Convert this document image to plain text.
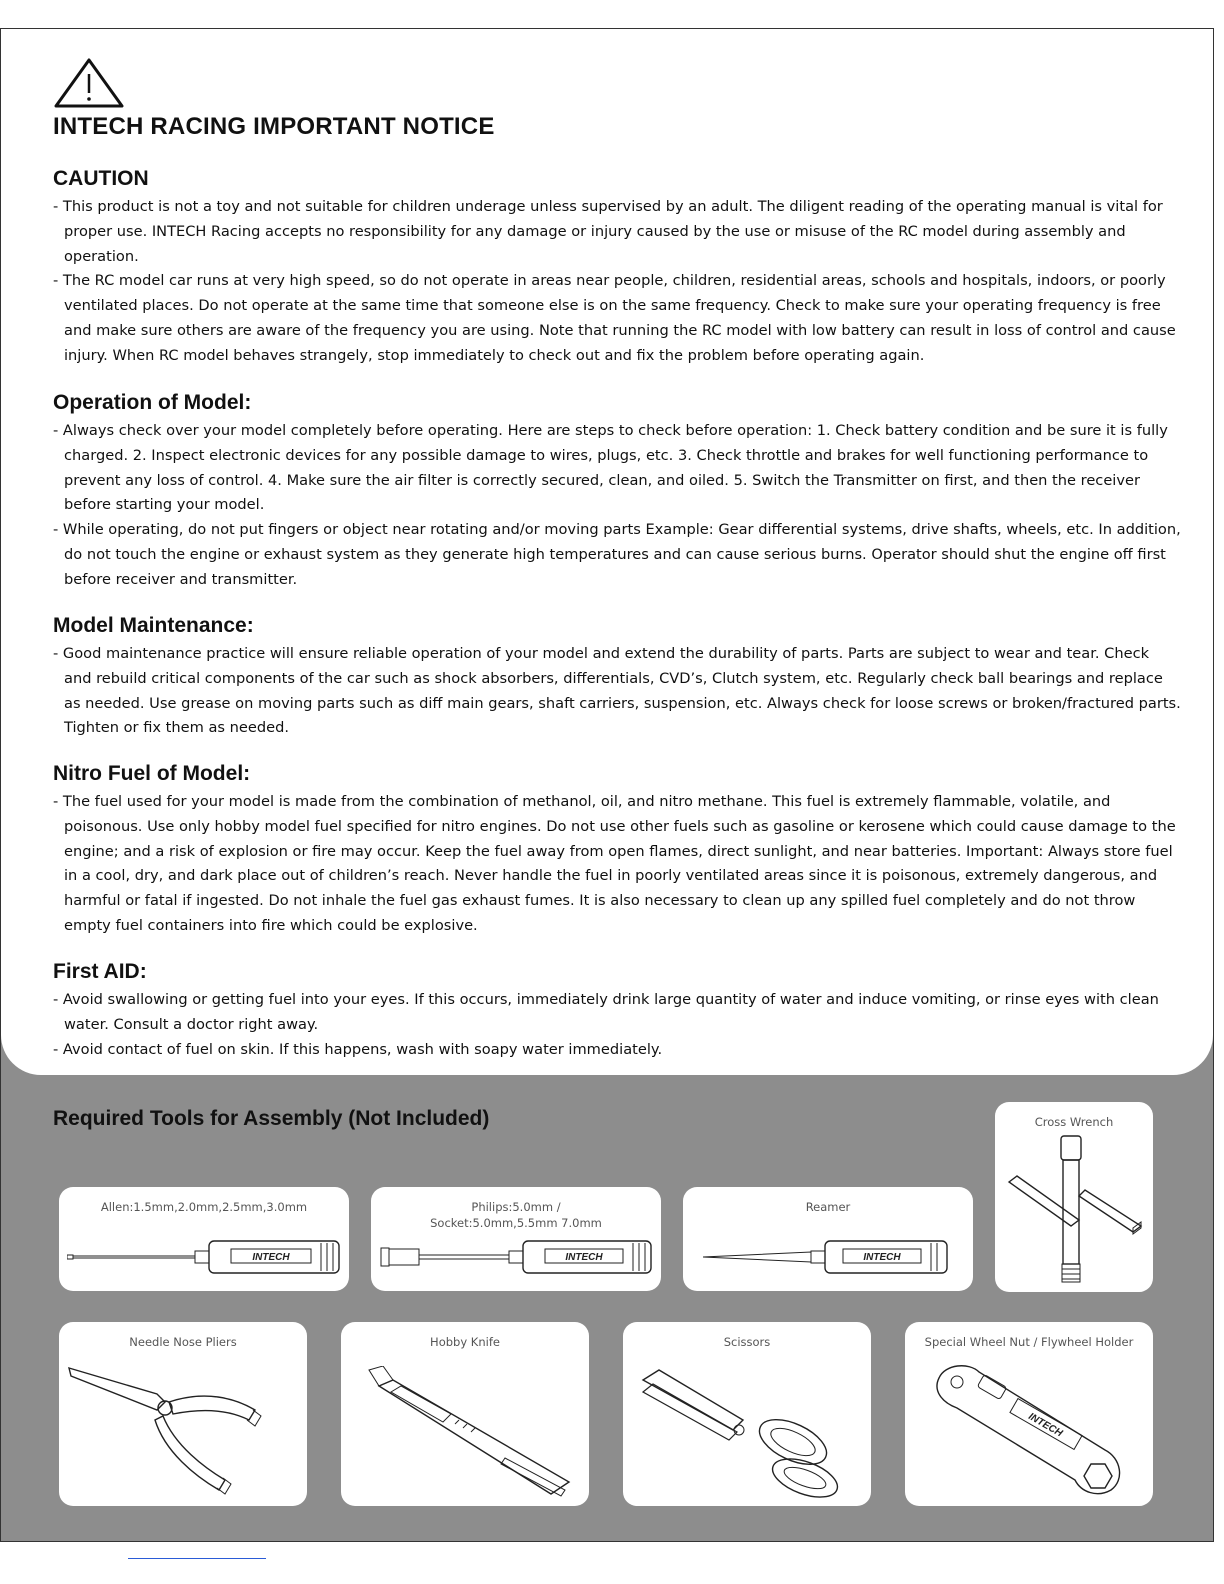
INTECH RACING IMPORTANT NOTICE
CAUTION

- This product is not a toy and not suitable for children underage unless supervised by an adult. The diligent reading of the operating manual is vital for proper use. INTECH Racing accepts no responsibility for any damage or injury caused by the use or misuse of the RC model during assembly and operation.

- The RC model car runs at very high speed, so do not operate in areas near people, children, residential areas, schools and hospitals, indoors, or poorly ventilated places. Do not operate at the same time that someone else is on the same frequency. Check to make sure your operating frequency is free and make sure others are aware of the frequency you are using. Note that running the RC model with low battery can result in loss of control and cause injury. When RC model behaves strangely, stop immediately to check out and fix the problem before operating again.

Operation of Model:

- Always check over your model completely before operating. Here are steps to check before operation: 1. Check battery condition and be sure it is fully charged. 2. Inspect electronic devices for any possible damage to wires, plugs, etc. 3. Check throttle and brakes for well functioning performance to prevent any loss of control. 4. Make sure the air filter is correctly secured, clean, and oiled. 5. Switch the Transmitter on first, and then the receiver before starting your model.

- While operating, do not put fingers or object near rotating and/or moving parts Example: Gear differential systems, drive shafts, wheels, etc. In addition, do not touch the engine or exhaust system as they generate high temperatures and can cause serious burns. Operator should shut the engine off first before receiver and transmitter.

Model Maintenance:

- Good maintenance practice will ensure reliable operation of your model and extend the durability of parts. Parts are subject to wear and tear. Check and rebuild critical components of the car such as shock absorbers, differentials, CVD’s, Clutch system, etc. Regularly check ball bearings and replace as needed. Use grease on moving parts such as diff main gears, shaft carriers, suspension, etc. Always check for loose screws or broken/fractured parts. Tighten or fix them as needed.

Nitro Fuel of Model:

- The fuel used for your model is made from the combination of methanol, oil, and nitro methane. This fuel is extremely flammable, volatile, and poisonous. Use only hobby model fuel specified for nitro engines. Do not use other fuels such as gasoline or kerosene which could cause damage to the engine; and a risk of explosion or fire may occur. Keep the fuel away from open flames, direct sunlight, and near batteries. Important: Always store fuel in a cool, dry, and dark place out of children’s reach. Never handle the fuel in poorly ventilated areas since it is poisonous, extremely dangerous, and harmful or fatal if ingested. Do not inhale the fuel gas exhaust fumes. It is also necessary to clean up any spilled fuel completely and do not throw empty fuel containers into fire which could be explosive.

First AID:

- Avoid swallowing or getting fuel into your eyes. If this occurs, immediately drink large quantity of water and induce vomiting, or rinse eyes with clean water. Consult a doctor right away.

- Avoid contact of fuel on skin. If this happens, wash with soapy water immediately.

Required Tools for Assembly (Not Included)
Allen:1.5mm,2.0mm,2.5mm,3.0mm
INTECH
Philips:5.0mm / Socket:5.0mm,5.5mm 7.0mm
INTECH
Reamer
INTECH
Cross Wrench
Needle Nose Pliers	Hobby Knife	Scissors	Special Wheel Nut / Flywheel Holder
INTECH
